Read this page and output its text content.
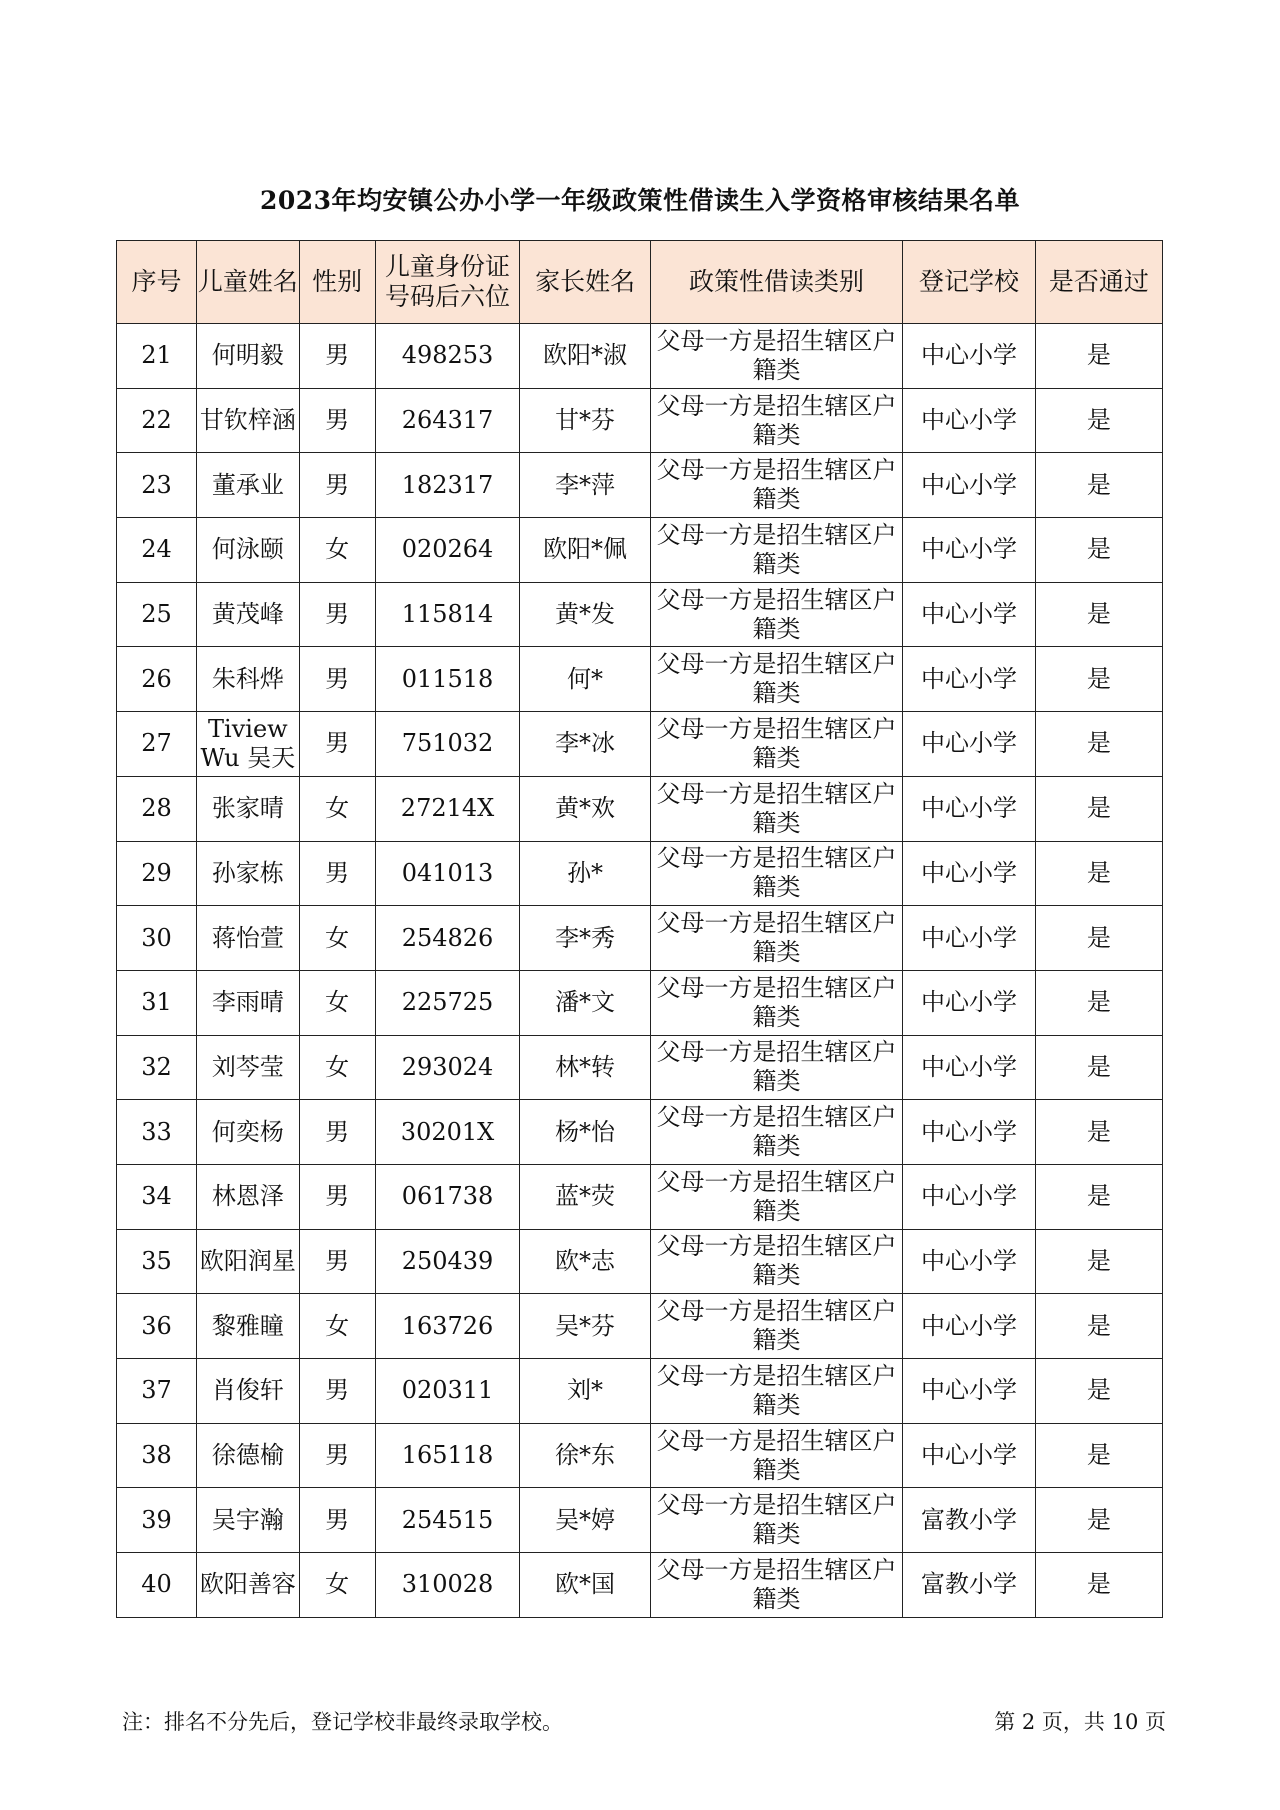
2023年均安镇公办小学一年级政策性借读生入学资格审核结果名单
序号	儿童姓名	性别	儿童身份证号码后六位	家长姓名	政策性借读类别	登记学校	是否通过
21	何明毅	男	498253	欧阳*淑	父母一方是招生辖区户籍类	中心小学	是
22	甘钦梓涵	男	264317	甘*芬	父母一方是招生辖区户籍类	中心小学	是
23	董承业	男	182317	李*萍	父母一方是招生辖区户籍类	中心小学	是
24	何泳颐	女	020264	欧阳*佩	父母一方是招生辖区户籍类	中心小学	是
25	黄茂峰	男	115814	黄*发	父母一方是招生辖区户籍类	中心小学	是
26	朱科烨	男	011518	何*	父母一方是招生辖区户籍类	中心小学	是
27	Tiview Wu 吴天	男	751032	李*冰	父母一方是招生辖区户籍类	中心小学	是
28	张家晴	女	27214X	黄*欢	父母一方是招生辖区户籍类	中心小学	是
29	孙家栋	男	041013	孙*	父母一方是招生辖区户籍类	中心小学	是
30	蒋怡萱	女	254826	李*秀	父母一方是招生辖区户籍类	中心小学	是
31	李雨晴	女	225725	潘*文	父母一方是招生辖区户籍类	中心小学	是
32	刘芩莹	女	293024	林*转	父母一方是招生辖区户籍类	中心小学	是
33	何奕杨	男	30201X	杨*怡	父母一方是招生辖区户籍类	中心小学	是
34	林恩泽	男	061738	蓝*荧	父母一方是招生辖区户籍类	中心小学	是
35	欧阳润星	男	250439	欧*志	父母一方是招生辖区户籍类	中心小学	是
36	黎雅瞳	女	163726	吴*芬	父母一方是招生辖区户籍类	中心小学	是
37	肖俊轩	男	020311	刘*	父母一方是招生辖区户籍类	中心小学	是
38	徐德榆	男	165118	徐*东	父母一方是招生辖区户籍类	中心小学	是
39	吴宇瀚	男	254515	吴*婷	父母一方是招生辖区户籍类	富教小学	是
40	欧阳善容	女	310028	欧*国	父母一方是招生辖区户籍类	富教小学	是
注：排名不分先后，登记学校非最终录取学校。	第 2 页，共 10 页
